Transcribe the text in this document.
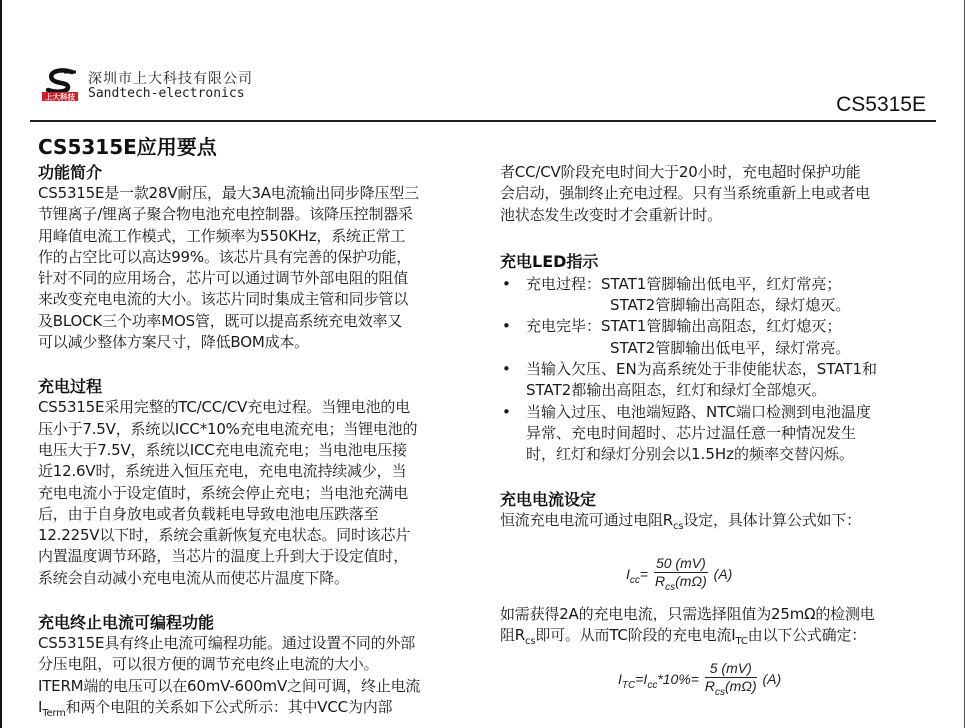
上大科技
深圳市上大科技有限公司
Sandtech-electronics	CS5315E
CS5315E应用要点
功能简介

CS5315E是一款28V耐压，最大3A电流输出同步降压型三
节锂离子/锂离子聚合物电池充电控制器。该降压控制器采
用峰值电流工作模式，工作频率为550KHz，系统正常工
作的占空比可以高达99%。该芯片具有完善的保护功能，
针对不同的应用场合，芯片可以通过调节外部电阻的阻值
来改变充电电流的大小。该芯片同时集成主管和同步管以
及BLOCK三个功率MOS管，既可以提高系统充电效率又
可以减少整体方案尺寸，降低BOM成本。

充电过程

CS5315E采用完整的TC/CC/CV充电过程。当锂电池的电
压小于7.5V，系统以ICC*10%充电电流充电；当锂电池的
电压大于7.5V，系统以ICC充电电流充电；当电池电压接
近12.6V时，系统进入恒压充电，充电电流持续减少，当
充电电流小于设定值时，系统会停止充电；当电池充满电
后，由于自身放电或者负载耗电导致电池电压跌落至
12.225V以下时，系统会重新恢复充电状态。同时该芯片
内置温度调节环路，当芯片的温度上升到大于设定值时，
系统会自动减小充电电流从而使芯片温度下降。

充电终止电流可编程功能

CS5315E具有终止电流可编程功能。通过设置不同的外部
分压电阻，可以很方便的调节充电终止电流的大小。
ITERM端的电压可以在60mV-600mV之间可调，终止电流
$I_{Term}$和两个电阻的关系如下公式所示：其中VCC为内部

者CC/CV阶段充电时间大于20小时，充电超时保护功能
会启动，强制终止充电过程。只有当系统重新上电或者电
池状态发生改变时才会重新计时。

充电LED指示
• 充电过程：STAT1管脚输出低电平，红灯常亮；
STAT2管脚输出高阻态，绿灯熄灭。
• 充电完毕：STAT1管脚输出高阻态，红灯熄灭；
STAT2管脚输出低电平，绿灯常亮。
• 当输入欠压、EN为高系统处于非使能状态，STAT1和
STAT2都输出高阻态，红灯和绿灯全部熄灭。
• 当输入过压、电池端短路、NTC端口检测到电池温度
异常、充电时间超时、芯片过温任意一种情况发生
时，红灯和绿灯分别会以1.5Hz的频率交替闪烁。
充电电流设定

恒流充电电流可通过电阻$R_{cs}$设定，具体计算公式如下：

$I_{cc}= \frac{50 (mV)}{R_{cs}(m\Omega)} (A)$

如需获得2A的充电电流，只需选择阻值为25mΩ的检测电
阻$R_{cs}$即可。从而TC阶段的充电电流$I_{TC}$由以下公式确定：

$I_{TC}=I_{cc}*10\%= \frac{5 (mV)}{R_{cs}(m\Omega)} (A)$
